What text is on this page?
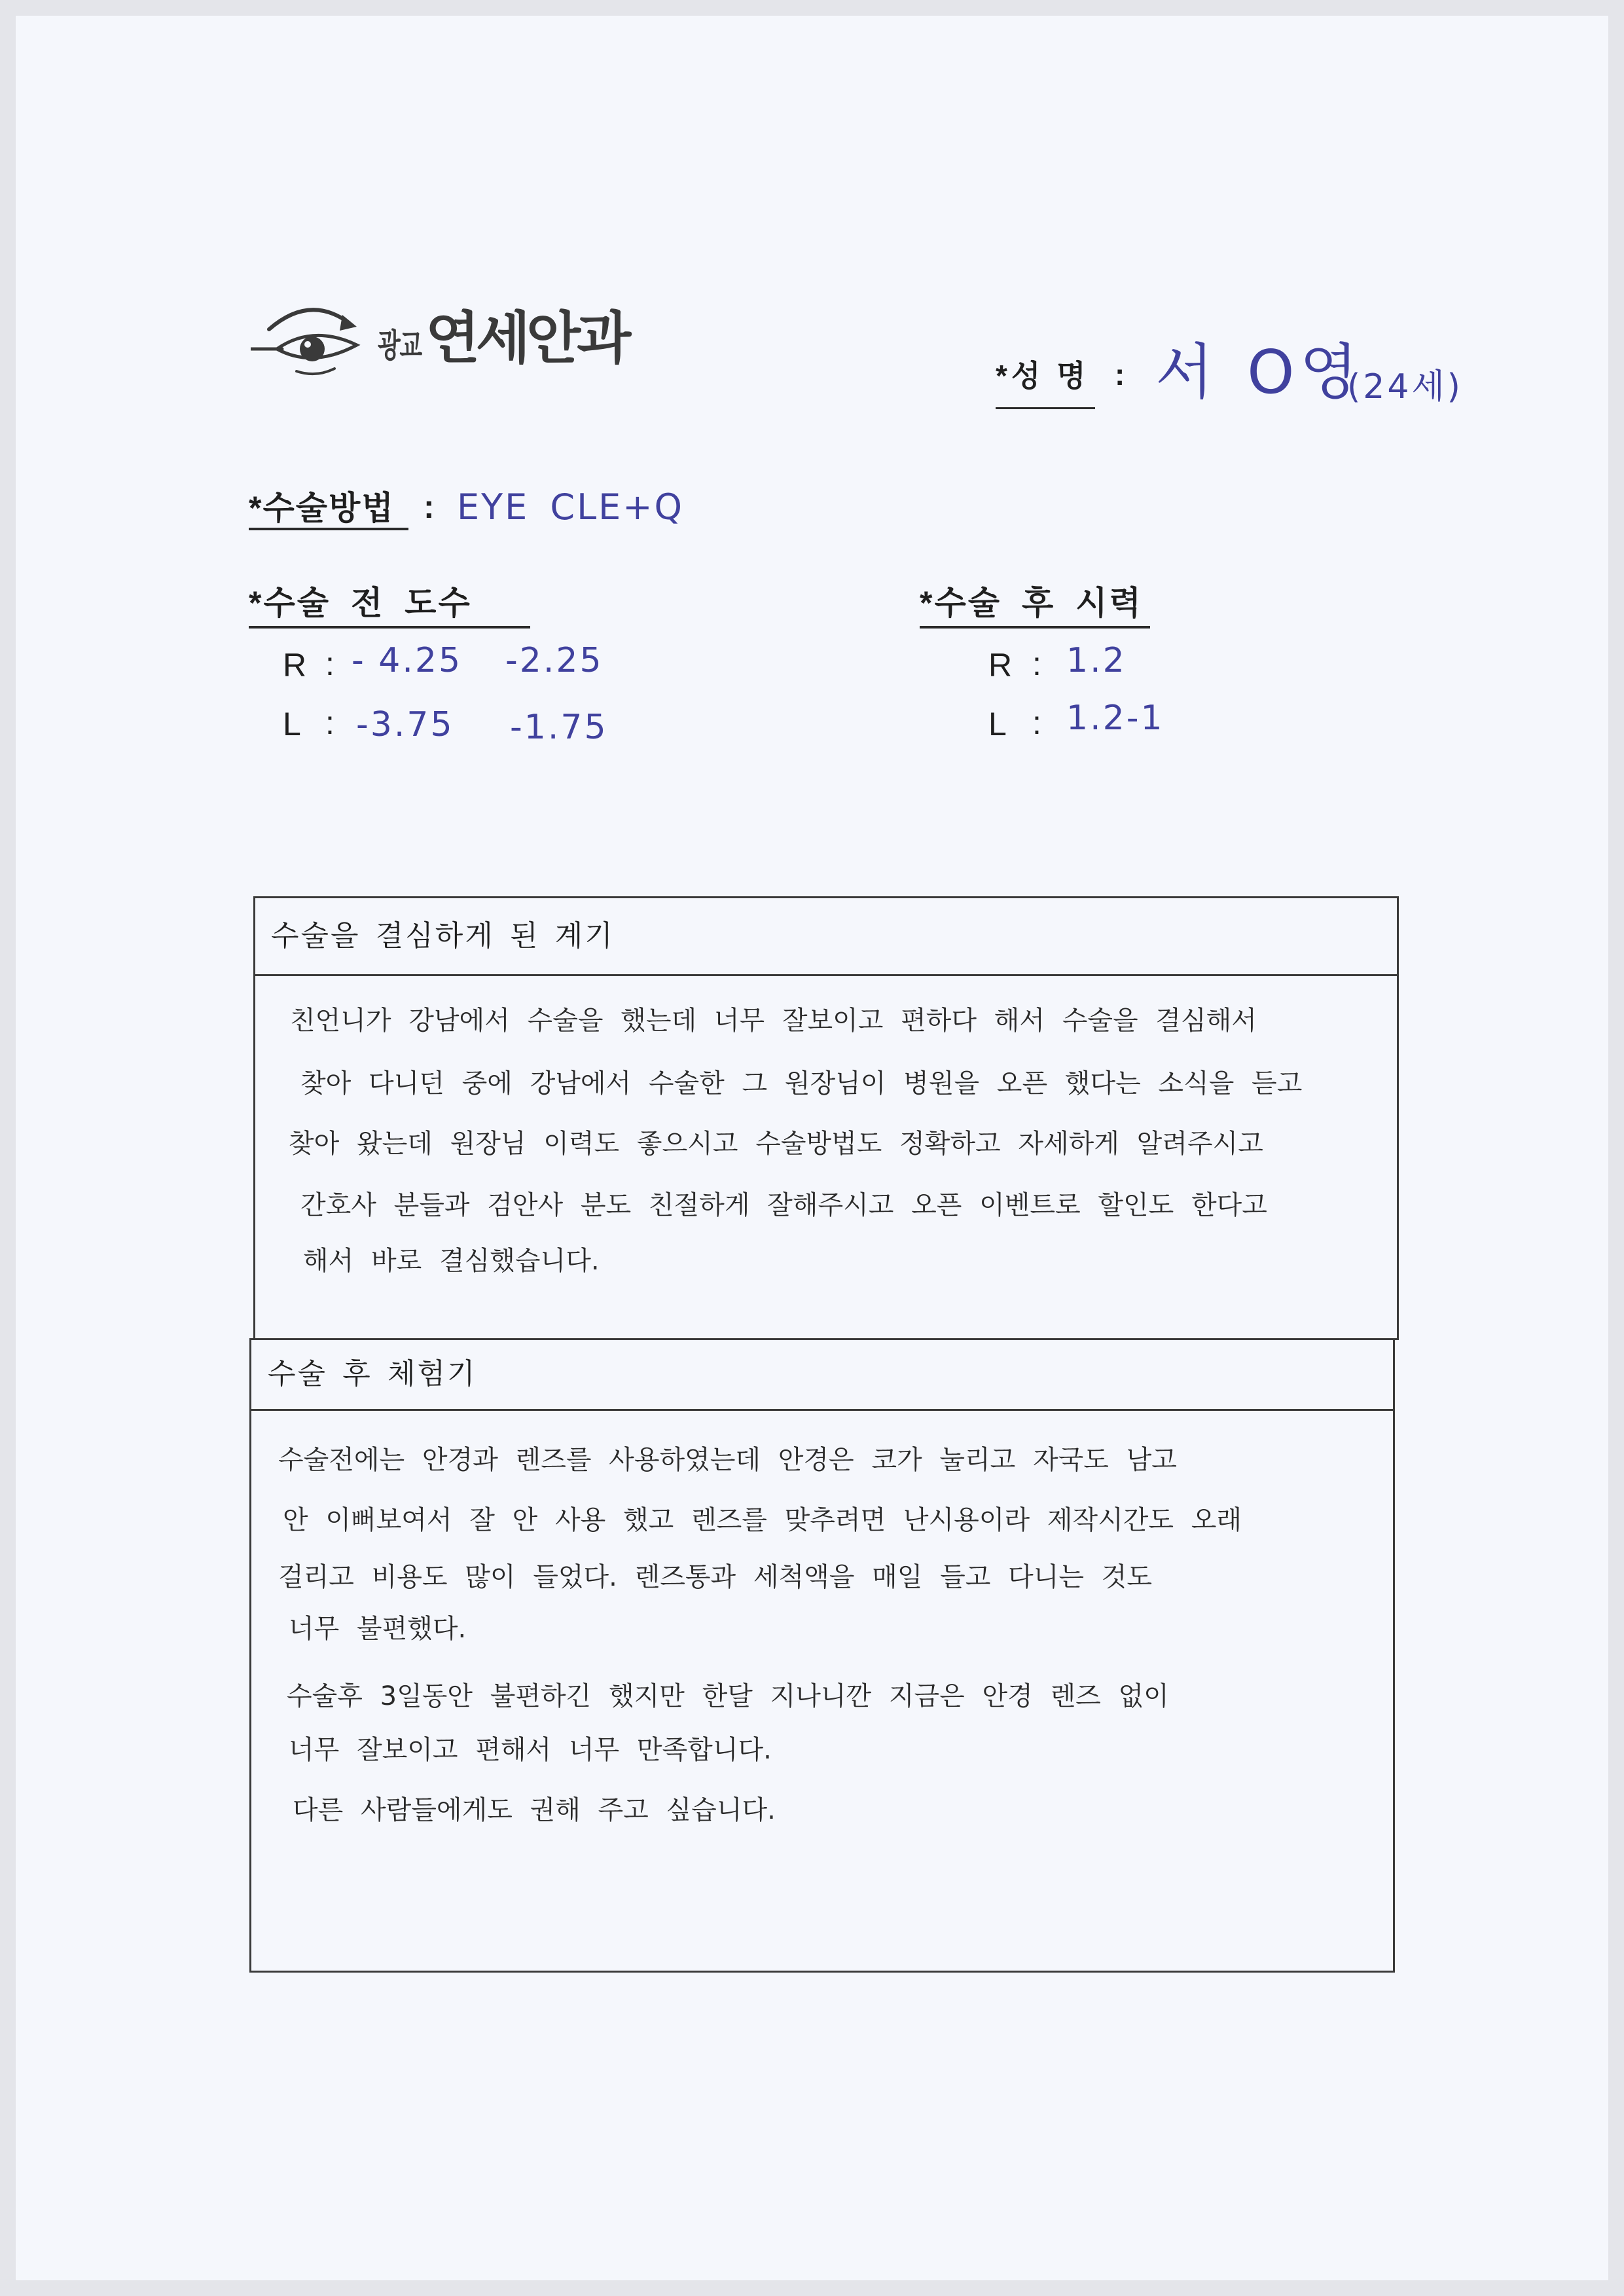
광교 연세안과
*성 명 : 서 O영
(24세)
*수술방법 : EYE CLE+Q
*수술 전 도수
R : - 4.25 -2.25
L : -3.75 -1.75
*수술 후 시력
R : 1.2
L : 1.2-1
수술을 결심하게 된 계기
친언니가 강남에서 수술을 했는데 너무 잘보이고 편하다 해서 수술을 결심해서
찾아 다니던 중에 강남에서 수술한 그 원장님이 병원을 오픈 했다는 소식을 듣고
찾아 왔는데 원장님 이력도 좋으시고 수술방법도 정확하고 자세하게 알려주시고
간호사 분들과 검안사 분도 친절하게 잘해주시고 오픈 이벤트로 할인도 한다고
해서 바로 결심했습니다.
수술 후 체험기
수술전에는 안경과 렌즈를 사용하였는데 안경은 코가 눌리고 자국도 남고
안 이뻐보여서 잘 안 사용 했고 렌즈를 맞추려면 난시용이라 제작시간도 오래
걸리고 비용도 많이 들었다. 렌즈통과 세척액을 매일 들고 다니는 것도
너무 불편했다.
수술후 3일동안 불편하긴 했지만 한달 지나니깐 지금은 안경 렌즈 없이
너무 잘보이고 편해서 너무 만족합니다.
다른 사람들에게도 권해 주고 싶습니다.
